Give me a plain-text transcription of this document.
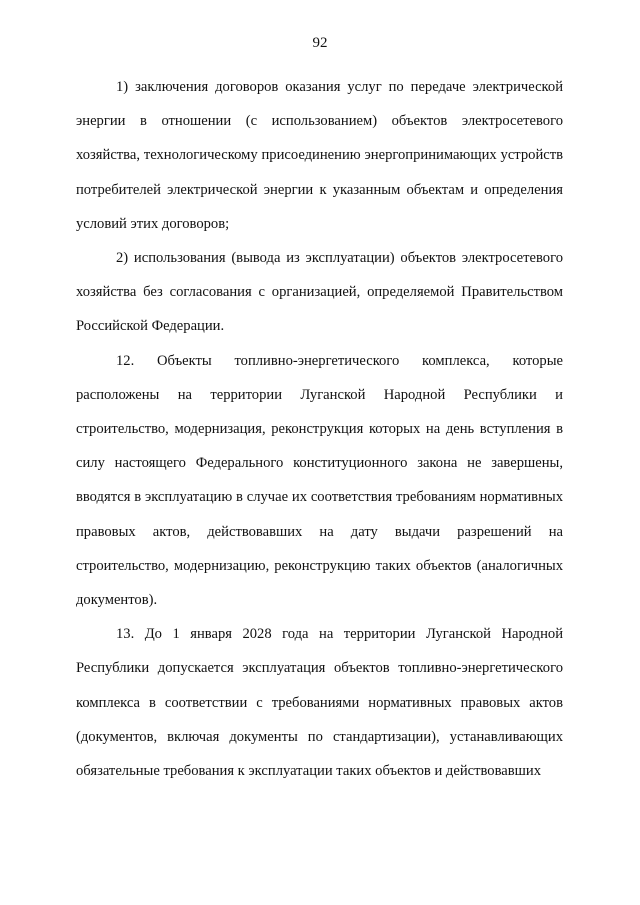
92

1) заключения договоров оказания услуг по передаче электрической энергии в отношении (с использованием) объектов электросетевого хозяйства, технологическому присоединению энергопринимающих устройств потребителей электрической энергии к указанным объектам и определения условий этих договоров;

2) использования (вывода из эксплуатации) объектов электросетевого хозяйства без согласования с организацией, определяемой Правительством Российской Федерации.

12. Объекты топливно-энергетического комплекса, которые расположены на территории Луганской Народной Республики и строительство, модернизация, реконструкция которых на день вступления в силу настоящего Федерального конституционного закона не завершены, вводятся в эксплуатацию в случае их соответствия требованиям нормативных правовых актов, действовавших на дату выдачи разрешений на строительство, модернизацию, реконструкцию таких объектов (аналогичных документов).

13. До 1 января 2028 года на территории Луганской Народной Республики допускается эксплуатация объектов топливно-энергетического комплекса в соответствии с требованиями нормативных правовых актов (документов, включая документы по стандартизации), устанавливающих обязательные требования к эксплуатации таких объектов и действовавших
